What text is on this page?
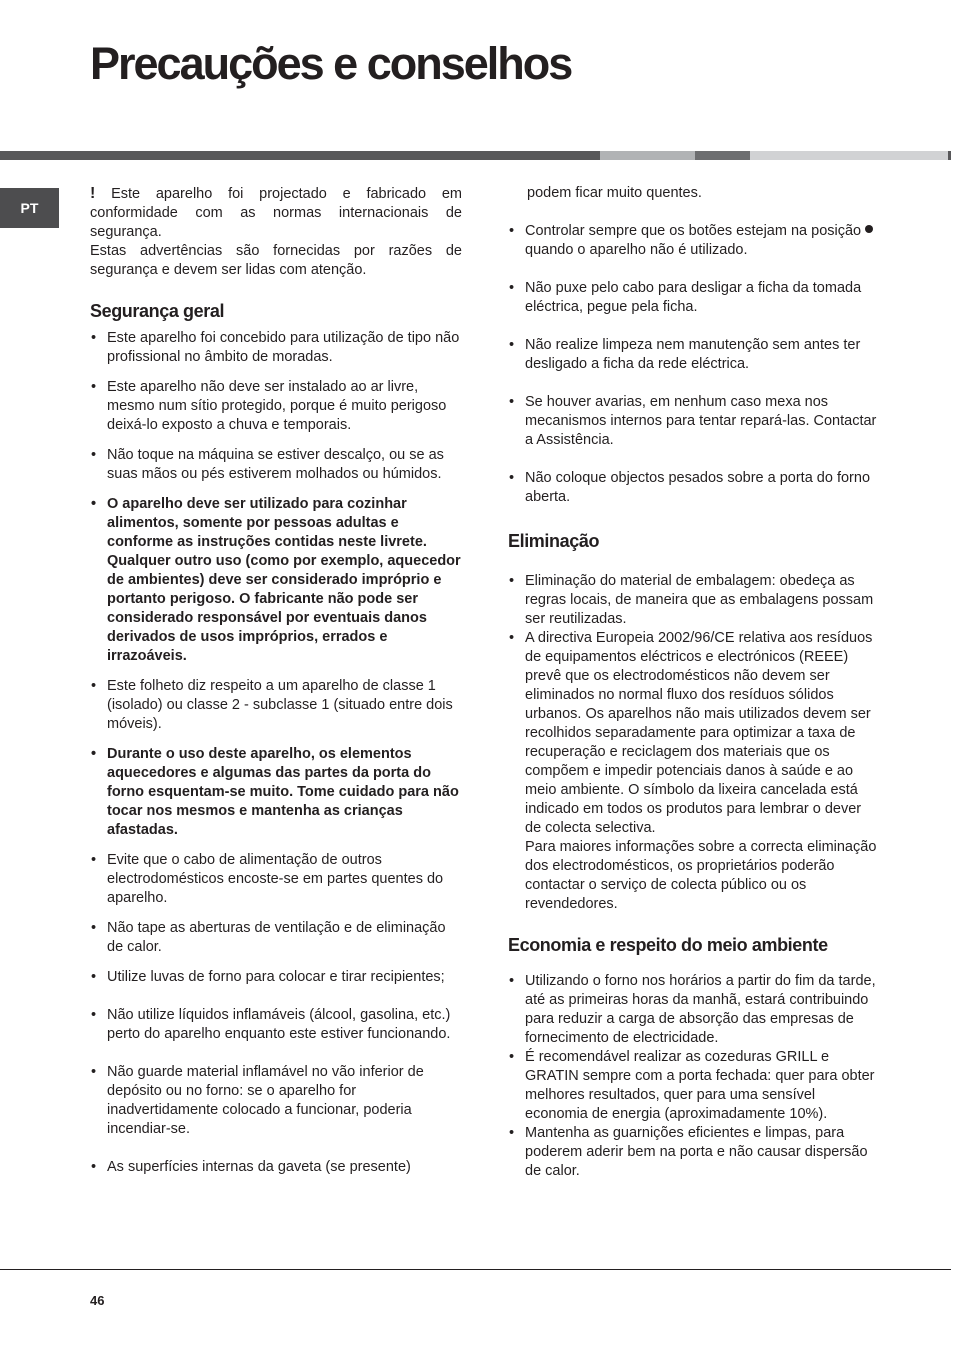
Precauções e conselhos
PT

! Este aparelho foi projectado e fabricado em conformidade com as normas internacionais de segurança.

Estas advertências são fornecidas por razões de segurança e devem ser lidas com atenção.

Segurança geral
• Este aparelho foi concebido para utilização de tipo não profissional no âmbito de moradas.
• Este aparelho não deve ser instalado ao ar livre, mesmo num sítio protegido, porque é muito perigoso deixá-lo exposto a chuva e temporais.
• Não toque na máquina se estiver descalço, ou se as suas mãos ou pés estiverem molhados ou húmidos.
• O aparelho deve ser utilizado para cozinhar alimentos, somente por pessoas adultas e conforme as instruções contidas neste livrete. Qualquer outro uso (como por exemplo, aquecedor de ambientes) deve ser considerado impróprio e portanto perigoso. O fabricante não pode ser considerado responsável por eventuais danos derivados de usos impróprios, errados e irrazoáveis.
• Este folheto diz respeito a um aparelho de classe 1 (isolado) ou classe 2 - subclasse 1 (situado entre dois móveis).
• Durante o uso deste aparelho, os elementos aquecedores e algumas das partes da porta do forno esquentam-se muito. Tome cuidado para não tocar nos mesmos e mantenha as crianças afastadas.
• Evite que o cabo de alimentação de outros electrodomésticos encoste-se em partes quentes do aparelho.
• Não tape as aberturas de ventilação e de eliminação de calor.
• Utilize luvas de forno para colocar e tirar recipientes;
• Não utilize líquidos inflamáveis (álcool, gasolina, etc.) perto do aparelho enquanto este estiver funcionando.
• Não guarde material inflamável no vão inferior de depósito ou no forno: se o aparelho for inadvertidamente colocado a funcionar, poderia incendiar-se.
• As superfícies internas da gaveta (se presente)

podem ficar muito quentes.

• Controlar sempre que os botões estejam na posiçãoquando o aparelho não é utilizado.
• Não puxe pelo cabo para desligar a ficha da tomada eléctrica, pegue pela ficha.
• Não realize limpeza nem manutenção sem antes ter desligado a ficha da rede eléctrica.
• Se houver avarias, em nenhum caso mexa nos mecanismos internos para tentar repará-las. Contactar a Assistência.
• Não coloque objectos pesados sobre a porta do forno aberta.
Eliminação
• Eliminação do material de embalagem: obedeça as regras locais, de maneira que as embalagens possam ser reutilizadas.
• A directiva Europeia 2002/96/CE relativa aos resíduos de equipamentos eléctricos e electrónicos (REEE) prevê que os electrodomésticos não devem ser eliminados no normal fluxo dos resíduos sólidos urbanos. Os aparelhos não mais utilizados devem ser recolhidos separadamente para optimizar a taxa de recuperação e reciclagem dos materiais que os compõem e impedir potenciais danos à saúde e ao meio ambiente. O símbolo da lixeira cancelada está indicado em todos os produtos para lembrar o dever de colecta selectiva.

Para maiores informações sobre a correcta eliminação dos electrodomésticos, os proprietários poderão contactar o serviço de colecta público ou os revendedores.

Economia e respeito do meio ambiente
• Utilizando o forno nos horários a partir do fim da tarde, até as primeiras horas da manhã, estará contribuindo para reduzir a carga de absorção das empresas de fornecimento de electricidade.
• É recomendável realizar as cozeduras GRILL e GRATIN sempre com a porta fechada: quer para obter melhores resultados, quer para uma sensível economia de energia (aproximadamente 10%).
• Mantenha as guarnições eficientes e limpas, para poderem aderir bem na porta e não causar dispersão de calor.
46
